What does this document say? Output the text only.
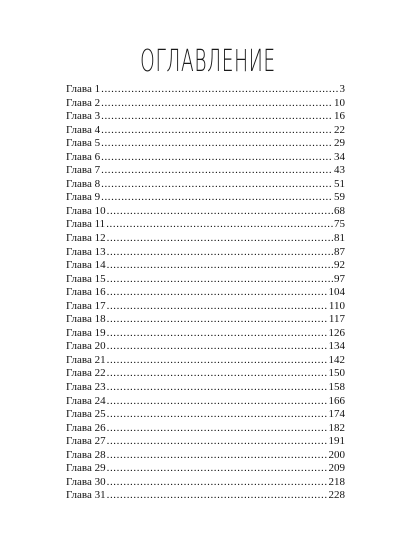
ОГЛАВЛЕНИЕ
Глава 1 .....	3
Глава 2 .....	10
Глава 3 .....	16
Глава 4 .....	22
Глава 5 .....	29
Глава 6 .....	34
Глава 7 .....	43
Глава 8 .....	51
Глава 9 .....	59
Глава 10 .....	68
Глава 11 .....	75
Глава 12 .....	81
Глава 13 .....	87
Глава 14 .....	92
Глава 15 .....	97
Глава 16 .....	104
Глава 17 .....	110
Глава 18 .....	117
Глава 19 .....	126
Глава 20 .....	134
Глава 21 .....	142
Глава 22 .....	150
Глава 23 .....	158
Глава 24 .....	166
Глава 25 .....	174
Глава 26 .....	182
Глава 27 .....	191
Глава 28 .....	200
Глава 29 .....	209
Глава 30 .....	218
Глава 31 .....	228
